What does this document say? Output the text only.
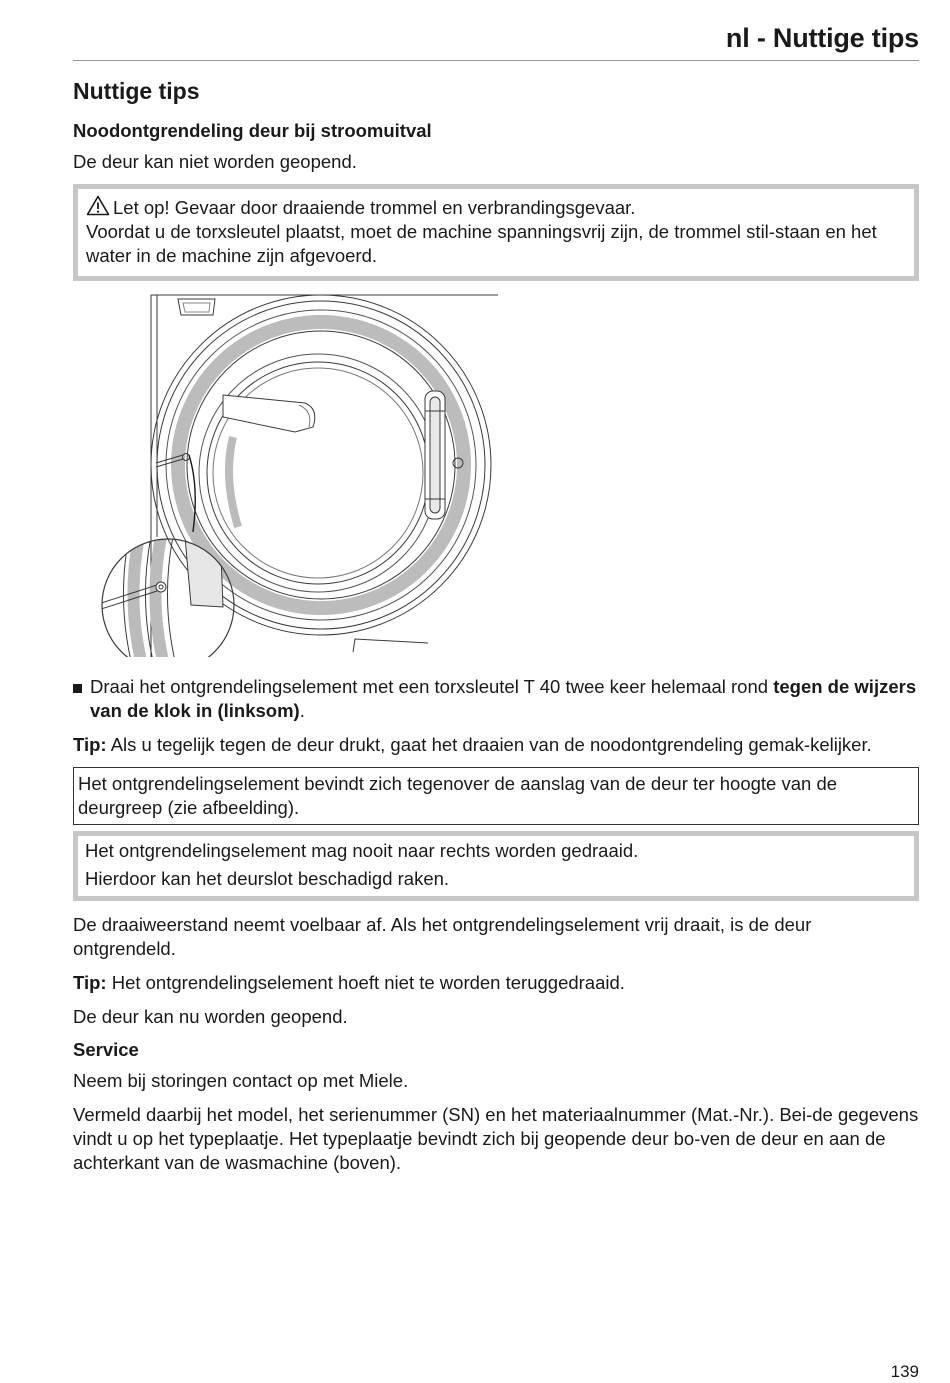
nl - Nuttige tips
Nuttige tips
Noodontgrendeling deur bij stroomuitval

De deur kan niet worden geopend.

Let op! Gevaar door draaiende trommel en verbrandingsgevaar.

Voordat u de torxsleutel plaatst, moet de machine spanningsvrij zijn, de trommel stil-staan en het water in de machine zijn afgevoerd.

Draai het ontgrendelingselement met een torxsleutel T 40 twee keer helemaal rond tegen de wijzers van de klok in (linksom).

Tip: Als u tegelijk tegen de deur drukt, gaat het draaien van de noodontgrendeling gemak-kelijker.

Het ontgrendelingselement bevindt zich tegenover de aanslag van de deur ter hoogte van de deurgreep (zie afbeelding).

Het ontgrendelingselement mag nooit naar rechts worden gedraaid.

Hierdoor kan het deurslot beschadigd raken.

De draaiweerstand neemt voelbaar af. Als het ontgrendelingselement vrij draait, is de deur ontgrendeld.

Tip: Het ontgrendelingselement hoeft niet te worden teruggedraaid.

De deur kan nu worden geopend.

Service

Neem bij storingen contact op met Miele.

Vermeld daarbij het model, het serienummer (SN) en het materiaalnummer (Mat.-Nr.). Bei-de gegevens vindt u op het typeplaatje. Het typeplaatje bevindt zich bij geopende deur bo-ven de deur en aan de achterkant van de wasmachine (boven).

139
